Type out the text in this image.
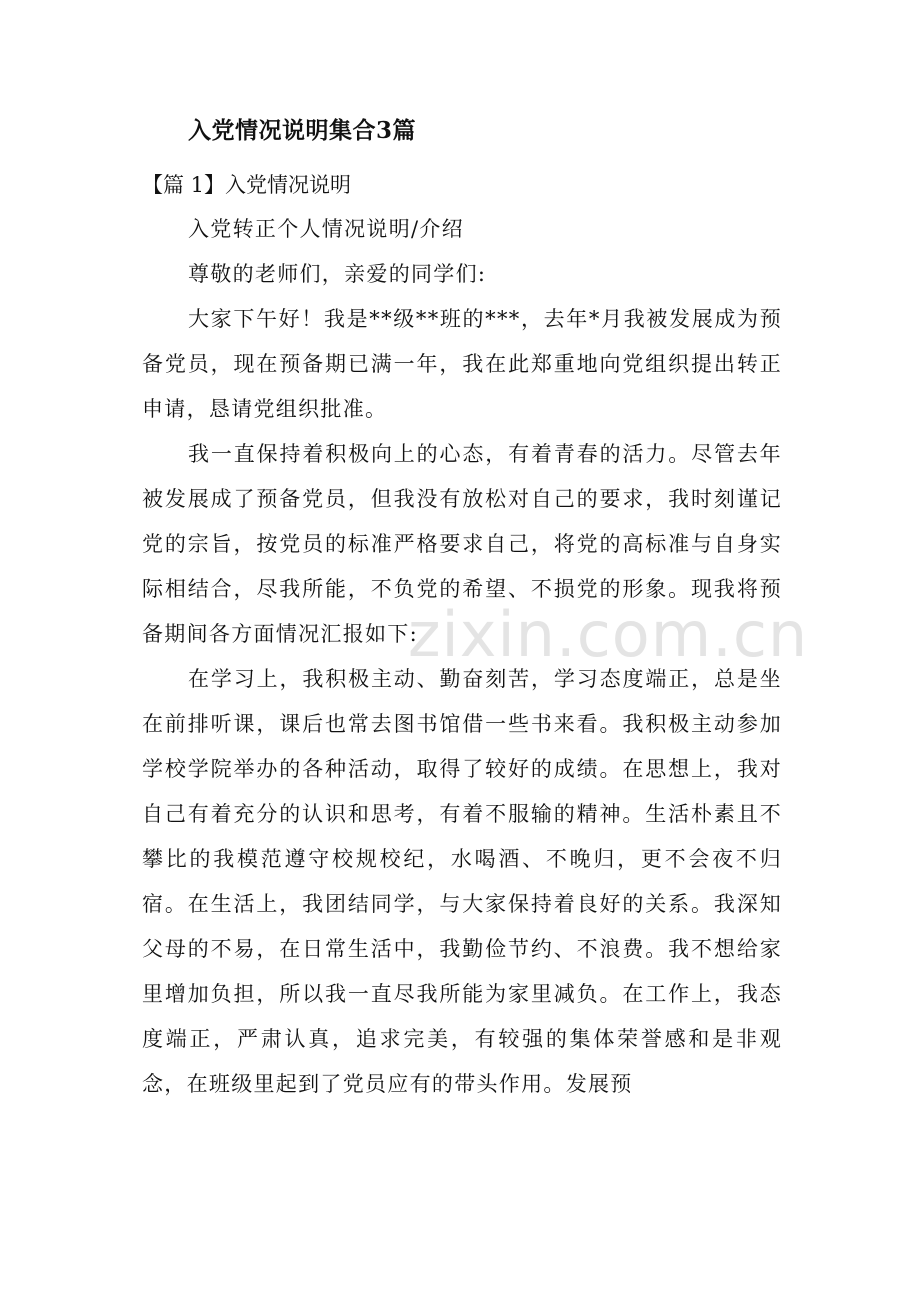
zixin.com.cn
入党情况说明集合3篇
【篇 1】入党情况说明

入党转正个人情况说明/介绍

尊敬的老师们，亲爱的同学们:

大家下午好！我是**级**班的***，去年*月我被发展成为预备党员，现在预备期已满一年，我在此郑重地向党组织提出转正申请，恳请党组织批准。

我一直保持着积极向上的心态，有着青春的活力。尽管去年被发展成了预备党员，但我没有放松对自己的要求，我时刻谨记党的宗旨，按党员的标准严格要求自己，将党的高标准与自身实际相结合，尽我所能，不负党的希望、不损党的形象。现我将预备期间各方面情况汇报如下:

在学习上，我积极主动、勤奋刻苦，学习态度端正，总是坐在前排听课，课后也常去图书馆借一些书来看。我积极主动参加学校学院举办的各种活动，取得了较好的成绩。在思想上，我对自己有着充分的认识和思考，有着不服输的精神。生活朴素且不攀比的我模范遵守校规校纪，水喝酒、不晚归，更不会夜不归宿。在生活上，我团结同学，与大家保持着良好的关系。我深知父母的不易，在日常生活中，我勤俭节约、不浪费。我不想给家里增加负担，所以我一直尽我所能为家里减负。在工作上，我态度端正，严肃认真，追求完美，有较强的集体荣誉感和是非观念，在班级里起到了党员应有的带头作用。发展预
